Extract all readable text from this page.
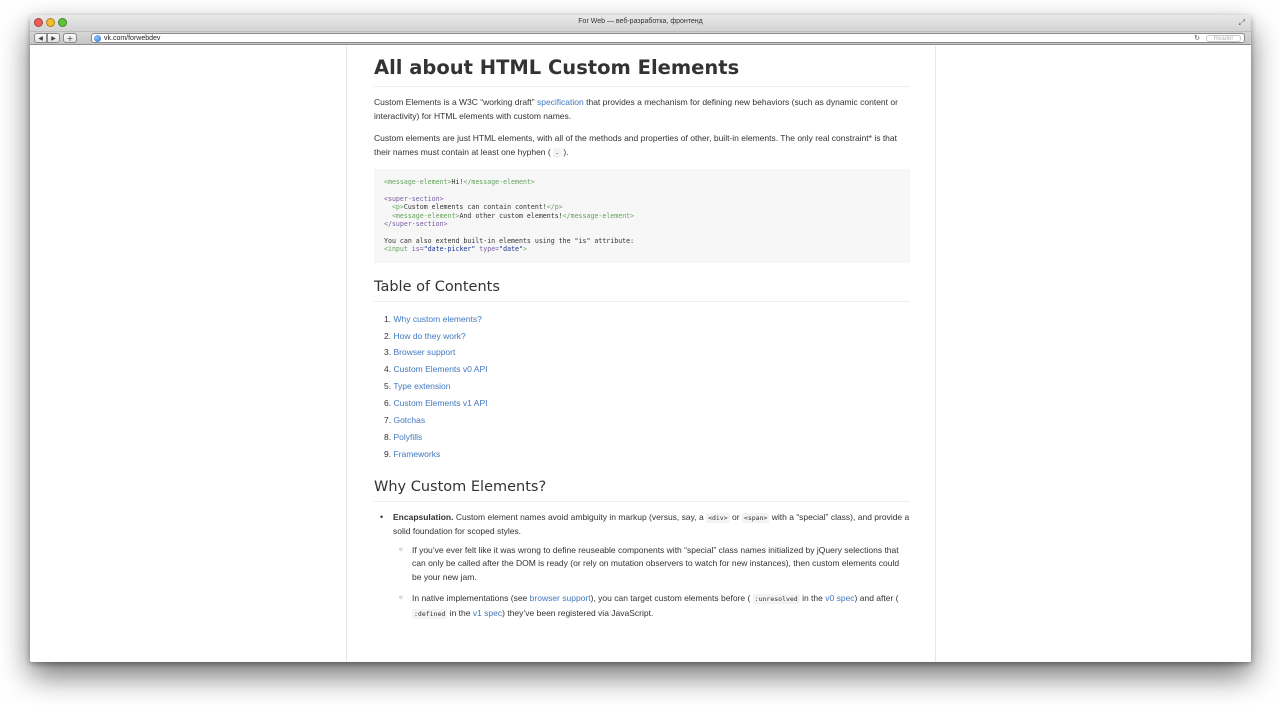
For Web — веб-разработка, фронтенд	⤢
◀	▶	+	vk.com/forwebdev	↻	Reader
All about HTML Custom Elements

Custom Elements is a W3C “working draft” specification that provides a mechanism for defining new behaviors (such as dynamic content or interactivity) for HTML elements with custom names.

Custom elements are just HTML elements, with all of the methods and properties of other, built-in elements. The only real constraint* is that their names must contain at least one hyphen ( - ).

<message-element>Hi!</message-element>

<super-section>
<p>Custom elements can contain content!</p>
<message-element>And other custom elements!</message-element>
</super-section>

You can also extend built-in elements using the "is" attribute:
<input is="date-picker" type="date">
Table of Contents
1. Why custom elements?
2. How do they work?
3. Browser support
4. Custom Elements v0 API
5. Type extension
6. Custom Elements v1 API
7. Gotchas
8. Polyfills
9. Frameworks
Why Custom Elements?
• Encapsulation. Custom element names avoid ambiguity in markup (versus, say, a <div> or <span> with a “special” class), and provide a solid foundation for scoped styles.
○ If you’ve ever felt like it was wrong to define reuseable components with “special” class names initialized by jQuery selections that can only be called after the DOM is ready (or rely on mutation observers to watch for new instances), then custom elements could be your new jam.
○ In native implementations (see browser support), you can target custom elements before ( :unresolved in the v0 spec) and after ( :defined in the v1 spec) they’ve been registered via JavaScript.
